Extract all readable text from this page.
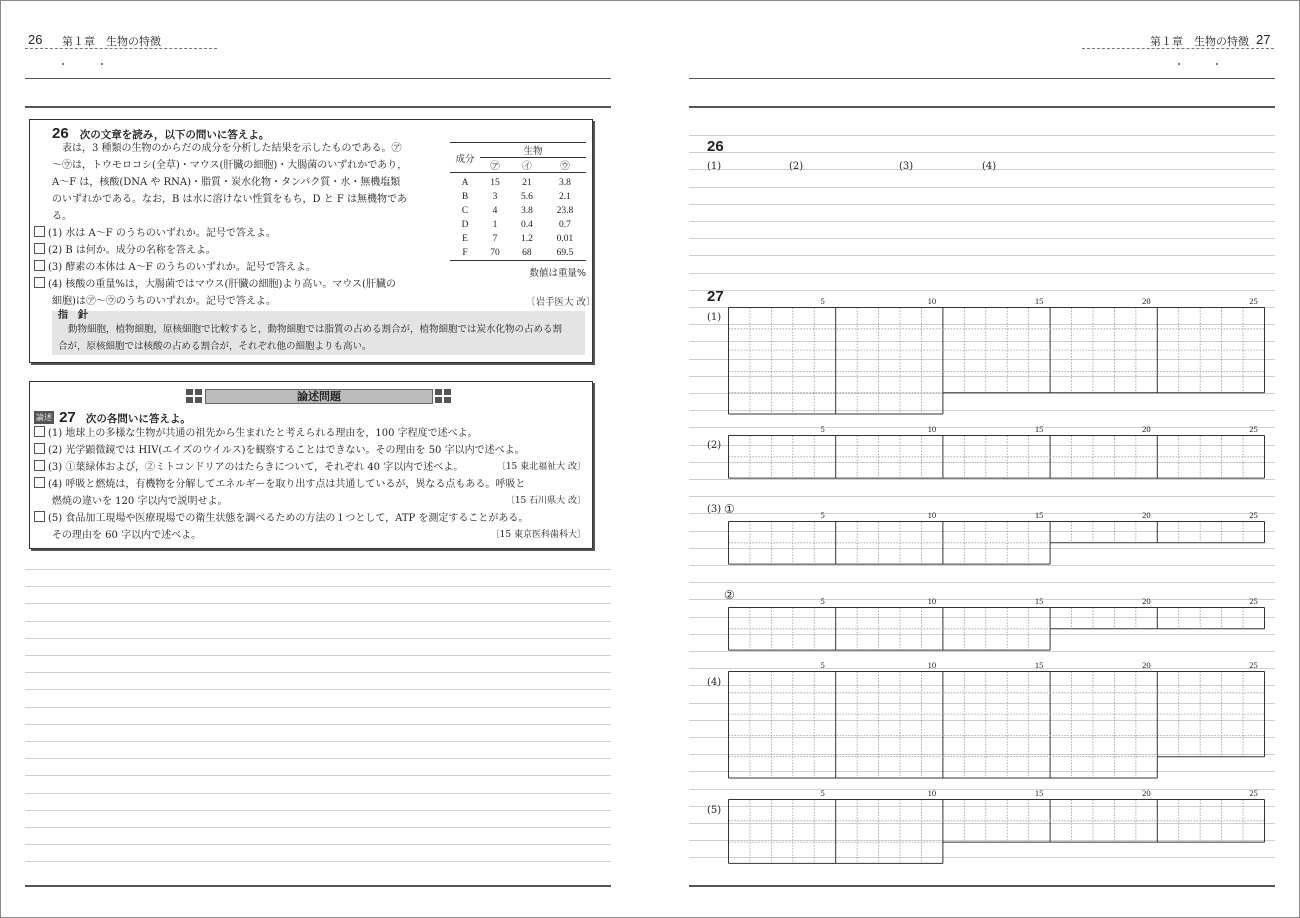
26 第１章　生物の特徴	第１章　生物の特徴 27
26 次の文章を読み，以下の問いに答えよ。
表は，3 種類の生物のからだの成分を分析した結果を示したものである。㋐
～㋒は，トウモロコシ(全草)・マウス(肝臓の細胞)・大腸菌のいずれかであり，
A～F は，核酸(DNA や RNA)・脂質・炭水化物・タンパク質・水・無機塩類
のいずれかである。なお，B は水に溶けない性質をもち，D と F は無機物であ
る。
(1) 水は A～F のうちのいずれか。記号で答えよ。
(2) B は何か。成分の名称を答えよ。
(3) 酵素の本体は A～F のうちのいずれか。記号で答えよ。
(4) 核酸の重量%は，大腸菌ではマウス(肝臓の細胞)より高い。マウス(肝臓の
細胞)は㋐～㋒のうちのいずれか。記号で答えよ。	〔岩手医大 改〕
成分	生物		
	㋐	㋑	㋒

A	15	21	3.8
B	3	5.6	2.1
C	4	3.8	23.8
D	1	0.4	0.7
E	7	1.2	0.01
F	70	68	69.5
数値は重量%
指　針
動物細胞，植物細胞，原核細胞で比較すると，動物細胞では脂質の占める割合が，植物細胞では炭水化物の占める割
合が，原核細胞では核酸の占める割合が，それぞれ他の細胞よりも高い。
論述問題
論述 27 次の各問いに答えよ。
(1) 地球上の多様な生物が共通の祖先から生まれたと考えられる理由を，100 字程度で述べよ。
(2) 光学顕微鏡では HIV(エイズのウイルス)を観察することはできない。その理由を 50 字以内で述べよ。
(3) ①葉緑体および，②ミトコンドリアのはたらきについて，それぞれ 40 字以内で述べよ。	〔15 東北福祉大 改〕
(4) 呼吸と燃焼は，有機物を分解してエネルギーを取り出す点は共通しているが，異なる点もある。呼吸と
燃焼の違いを 120 字以内で説明せよ。	〔15 石川県大 改〕
(5) 食品加工現場や医療現場での衛生状態を調べるための方法の１つとして，ATP を測定することがある。
その理由を 60 字以内で述べよ。	〔15 東京医科歯科大〕
26
(1)	(2)	(3)	(4)
27
(1)
(2)
(3) ①
②
(4)
(5)
5	10	15	20	25
5	10	15	20	25
5	10	15	20	25
5	10	15	20	25
5	10	15	20	25
5	10	15	20	25
